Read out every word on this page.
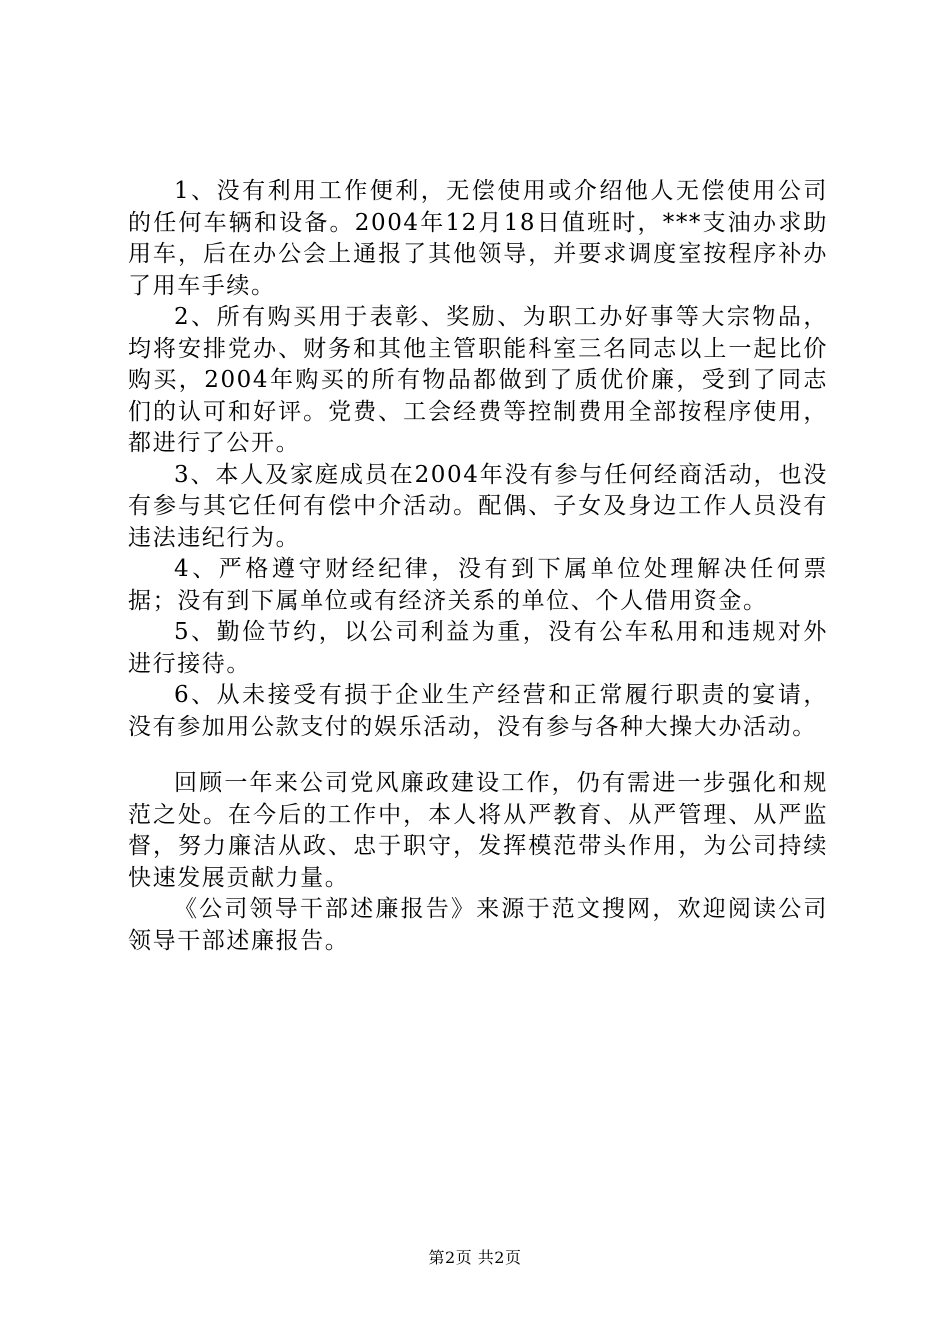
1、没有利用工作便利，无偿使用或介绍他人无偿使用公司的任何车辆和设备。2004年12月18日值班时，***支油办求助用车，后在办公会上通报了其他领导，并要求调度室按程序补办了用车手续。

2、所有购买用于表彰、奖励、为职工办好事等大宗物品，均将安排党办、财务和其他主管职能科室三名同志以上一起比价购买，2004年购买的所有物品都做到了质优价廉，受到了同志们的认可和好评。党费、工会经费等控制费用全部按程序使用，都进行了公开。

3、本人及家庭成员在2004年没有参与任何经商活动，也没有参与其它任何有偿中介活动。配偶、子女及身边工作人员没有违法违纪行为。

4、严格遵守财经纪律，没有到下属单位处理解决任何票据；没有到下属单位或有经济关系的单位、个人借用资金。

5、勤俭节约，以公司利益为重，没有公车私用和违规对外进行接待。

6、从未接受有损于企业生产经营和正常履行职责的宴请，没有参加用公款支付的娱乐活动，没有参与各种大操大办活动。

回顾一年来公司党风廉政建设工作，仍有需进一步强化和规范之处。在今后的工作中，本人将从严教育、从严管理、从严监督，努力廉洁从政、忠于职守，发挥模范带头作用，为公司持续快速发展贡献力量。

《公司领导干部述廉报告》来源于范文搜网，欢迎阅读公司领导干部述廉报告。

第2页 共2页
